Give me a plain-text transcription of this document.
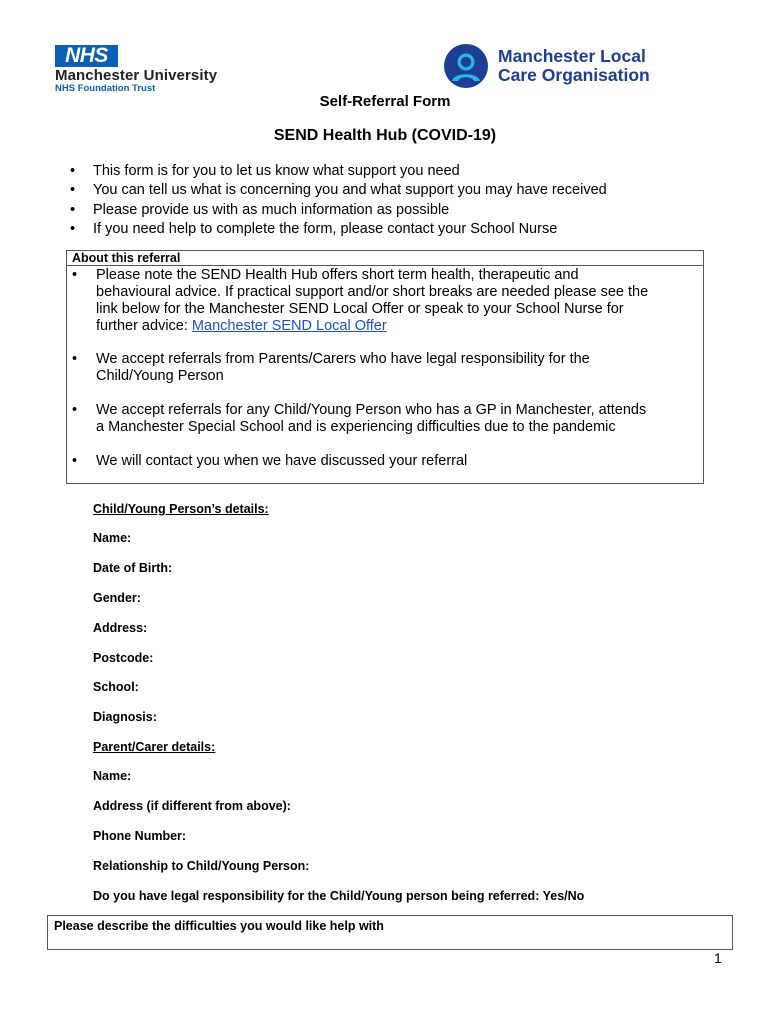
NHS
Manchester University
NHS Foundation Trust
Manchester Local
Care Organisation
Self-Referral Form
SEND Health Hub (COVID-19)
• This form is for you to let us know what support you need
• You can tell us what is concerning you and what support you may have received
• Please provide us with as much information as possible
• If you need help to complete the form, please contact your School Nurse
About this referral
• Please note the SEND Health Hub offers short term health, therapeutic and
behavioural advice. If practical support and/or short breaks are needed please see the
link below for the Manchester SEND Local Offer or speak to your School Nurse for
further advice: Manchester SEND Local Offer
• We accept referrals from Parents/Carers who have legal responsibility for the
Child/Young Person
• We accept referrals for any Child/Young Person who has a GP in Manchester, attends
a Manchester Special School and is experiencing difficulties due to the pandemic
• We will contact you when we have discussed your referral
Child/Young Person’s details:
Name:
Date of Birth:
Gender:
Address:
Postcode:
School:
Diagnosis:
Parent/Carer details:
Name:
Address (if different from above):
Phone Number:
Relationship to Child/Young Person:
Do you have legal responsibility for the Child/Young person being referred: Yes/No
Please describe the difficulties you would like help with
1
